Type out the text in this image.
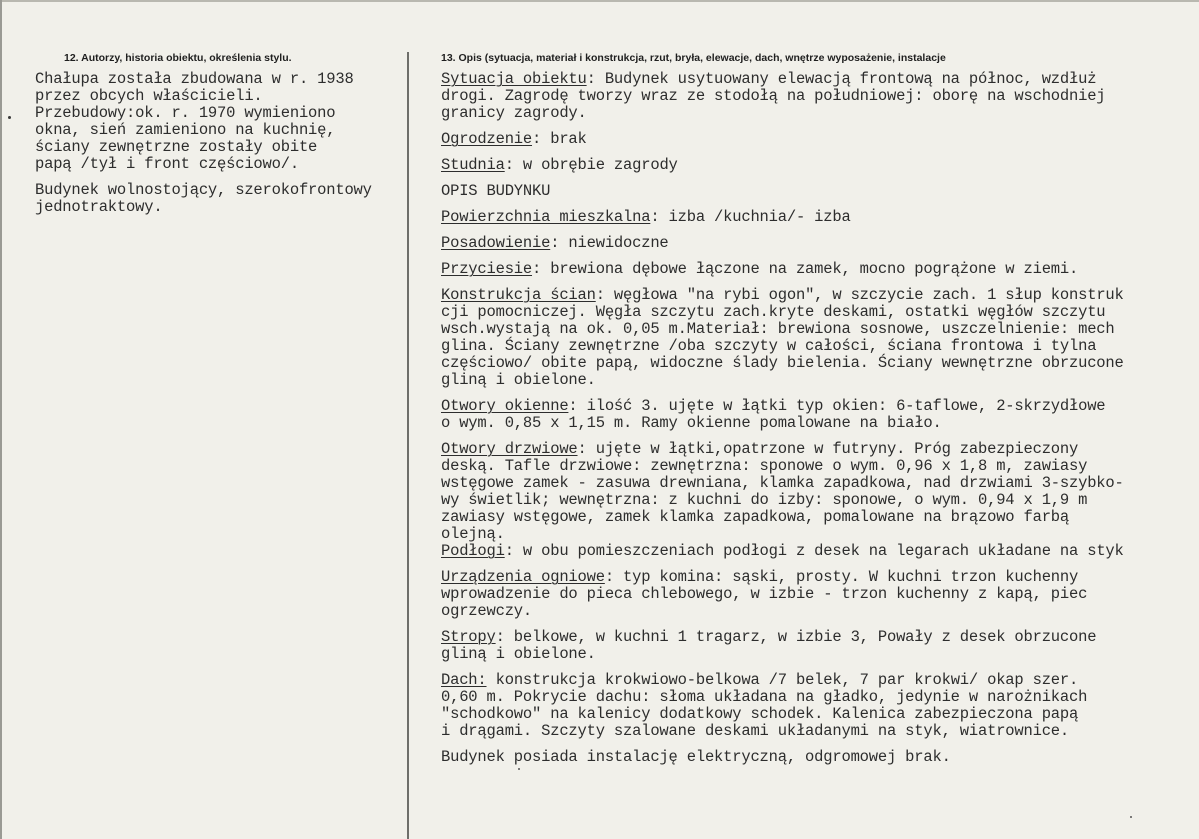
12. Autorzy, historia obiektu, określenia stylu.	13. Opis (sytuacja, materiał i konstrukcja, rzut, bryła, elewacje, dach, wnętrze wyposażenie, instalacje

Chałupa została zbudowana w r. 1938
przez obcych właścicieli.

Przebudowy:ok. r. 1970 wymieniono
okna, sień zamieniono na kuchnię,
ściany zewnętrzne zostały obite
papą /tył i front częściowo/.

Budynek wolnostojący, szerokofrontowy
jednotraktowy.

Sytuacja obiektu: Budynek usytuowany elewacją frontową na północ, wzdłuż
drogi. Zagrodę tworzy wraz ze stodołą na południowej: oborę na wschodniej
granicy zagrody.

Ogrodzenie: brak

Studnia: w obrębie zagrody

OPIS BUDYNKU

Powierzchnia mieszkalna: izba /kuchnia/- izba

Posadowienie: niewidoczne

Przyciesie: brewiona dębowe łączone na zamek, mocno pogrążone w ziemi.

Konstrukcja ścian: węgłowa "na rybi ogon", w szczycie zach. 1 słup konstruk
cji pomocniczej. Węgła szczytu zach.kryte deskami, ostatki węgłów szczytu
wsch.wystają na ok. 0,05 m.Materiał: brewiona sosnowe, uszczelnienie: mech
glina. Ściany zewnętrzne /oba szczyty w całości, ściana frontowa i tylna
częściowo/ obite papą, widoczne ślady bielenia. Ściany wewnętrzne obrzucone
gliną i obielone.

Otwory okienne: ilość 3. ujęte w łątki typ okien: 6-taflowe, 2-skrzydłowe
o wym. 0,85 x 1,15 m. Ramy okienne pomalowane na biało.

Otwory drzwiowe: ujęte w łątki,opatrzone w futryny. Próg zabezpieczony
deską. Tafle drzwiowe: zewnętrzna: sponowe o wym. 0,96 x 1,8 m, zawiasy
wstęgowe zamek - zasuwa drewniana, klamka zapadkowa, nad drzwiami 3-szybko-
wy świetlik; wewnętrzna: z kuchni do izby: sponowe, o wym. 0,94 x 1,9 m
zawiasy wstęgowe, zamek klamka zapadkowa, pomalowane na brązowo farbą
olejną.

Podłogi: w obu pomieszczeniach podłogi z desek na legarach układane na styk

Urządzenia ogniowe: typ komina: sąski, prosty. W kuchni trzon kuchenny
wprowadzenie do pieca chlebowego, w izbie - trzon kuchenny z kapą, piec
ogrzewczy.

Stropy: belkowe, w kuchni 1 tragarz, w izbie 3, Powały z desek obrzucone
gliną i obielone.

Dach: konstrukcja krokwiowo-belkowa /7 belek, 7 par krokwi/ okap szer.
0,60 m. Pokrycie dachu: słoma układana na gładko, jedynie w narożnikach
"schodkowo" na kalenicy dodatkowy schodek. Kalenica zabezpieczona papą
i drągami. Szczyty szalowane deskami układanymi na styk, wiatrownice.

Budynek posiada instalację elektryczną, odgromowej brak.
